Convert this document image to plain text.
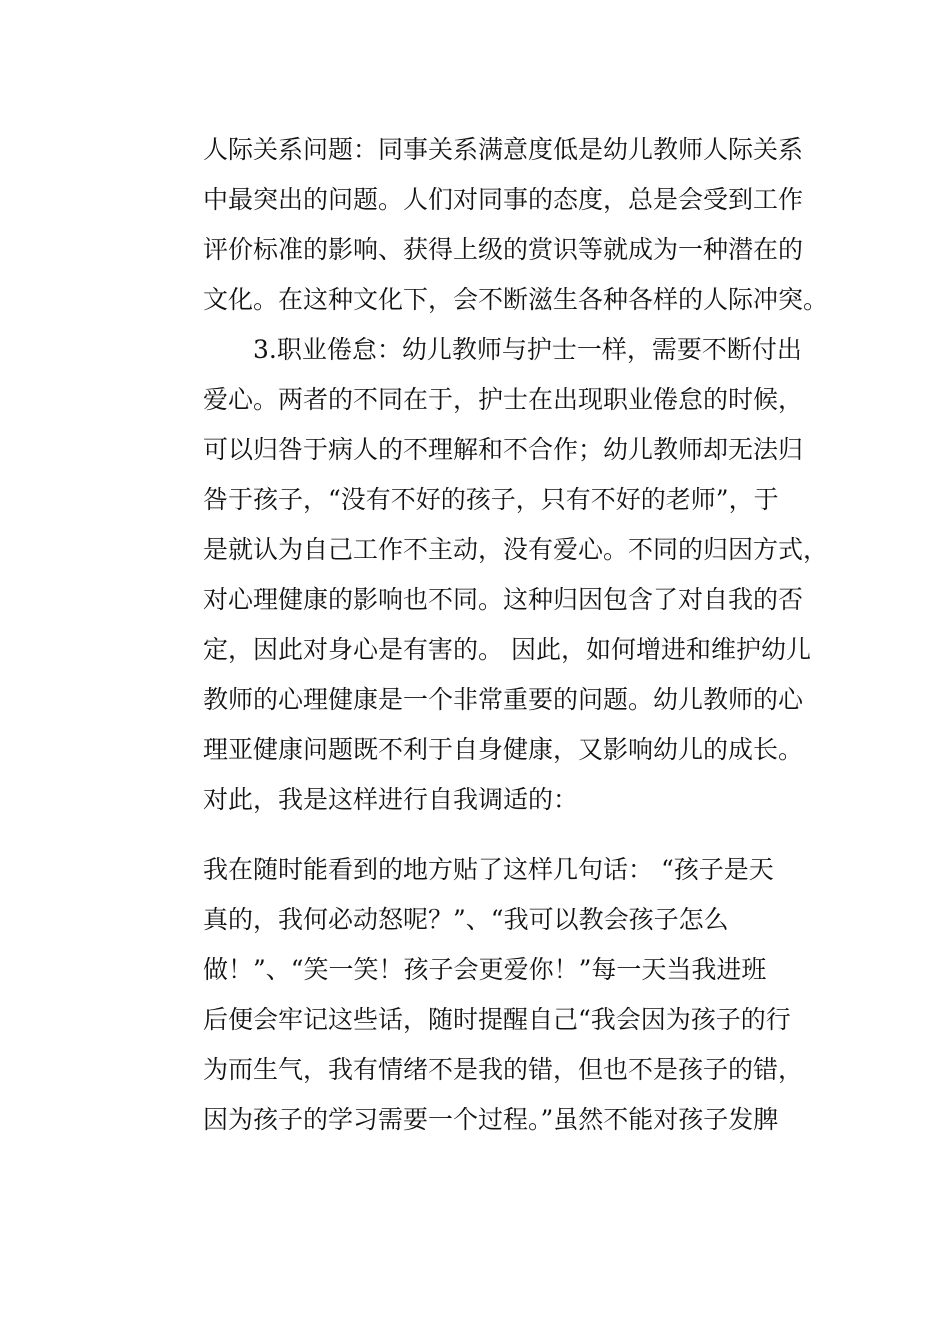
人际关系问题：同事关系满意度低是幼儿教师人际关系
中最突出的问题。人们对同事的态度，总是会受到工作
评价标准的影响、获得上级的赏识等就成为一种潜在的
文化。在这种文化下，会不断滋生各种各样的人际冲突。
3.职业倦怠：幼儿教师与护士一样，需要不断付出
爱心。两者的不同在于，护士在出现职业倦怠的时候，
可以归咎于病人的不理解和不合作；幼儿教师却无法归
咎于孩子，“没有不好的孩子，只有不好的老师”，于
是就认为自己工作不主动，没有爱心。不同的归因方式，
对心理健康的影响也不同。这种归因包含了对自我的否
定，因此对身心是有害的。 因此，如何增进和维护幼儿
教师的心理健康是一个非常重要的问题。幼儿教师的心
理亚健康问题既不利于自身健康，又影响幼儿的成长。
对此，我是这样进行自我调适的：
我在随时能看到的地方贴了这样几句话： “孩子是天
真的，我何必动怒呢？”、“我可以教会孩子怎么
做！”、“笑一笑！孩子会更爱你！”每一天当我进班
后便会牢记这些话，随时提醒自己“我会因为孩子的行
为而生气，我有情绪不是我的错，但也不是孩子的错，
因为孩子的学习需要一个过程。”虽然不能对孩子发脾
